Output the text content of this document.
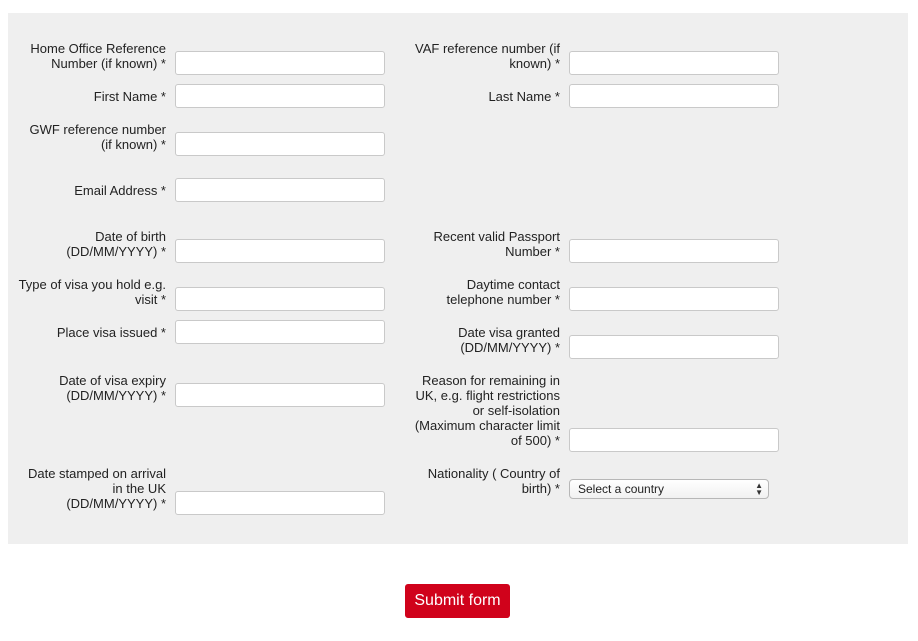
Home Office Reference Number (if known) *
First Name *
GWF reference number (if known) *
Email Address *
Date of birth (DD/MM/YYYY) *
Type of visa you hold e.g. visit *
Place visa issued *
Date of visa expiry (DD/MM/YYYY) *
Date stamped on arrival in the UK (DD/MM/YYYY) *
VAF reference number (if known) *
Last Name *
Recent valid Passport Number *
Daytime contact telephone number *
Date visa granted (DD/MM/YYYY) *
Reason for remaining in UK, e.g. flight restrictions or self-isolation (Maximum character limit of 500) *
Nationality ( Country of birth) *	Select a country	▲
▼
Submit form
